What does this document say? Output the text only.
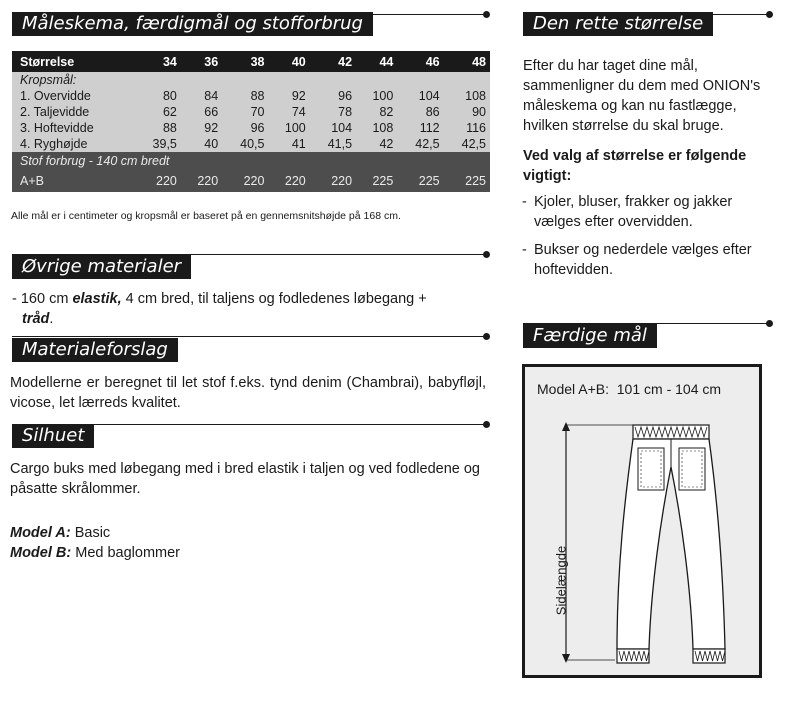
Måleskema, færdigmål og stofforbrug
Størrelse	34	36	38	40	42	44	46	48
Kropsmål:								
1. Overvidde	80	84	88	92	96	100	104	108
2. Taljevidde	62	66	70	74	78	82	86	90
3. Hoftevidde	88	92	96	100	104	108	112	116
4. Ryghøjde	39,5	40	40,5	41	41,5	42	42,5	42,5
Stof forbrug - 140 cm bredt								
A+B	220	220	220	220	220	225	225	225
Alle mål er i centimeter og kropsmål er baseret på en gennemsnitshøjde på 168 cm.
Øvrige materialer
- 160 cm elastik, 4 cm bred, til taljens og fodledenes løbegang +
tråd.
Materialeforslag
Modellerne er beregnet til let stof f.eks. tynd denim (Chambrai), babyfløjl, vicose, let lærreds kvalitet.
Silhuet
Cargo buks med løbegang med i bred elastik i taljen og ved fodledene og påsatte skrålommer.
Model A: Basic
Model B: Med baglommer
Den rette størrelse
Efter du har taget dine mål, sammenligner du dem med ONION's måleskema og kan nu fastlægge, hvilken størrelse du skal bruge.
Ved valg af størrelse er følgende vigtigt:
- Kjoler, bluser, frakker og jakker vælges efter overvidden.
- Bukser og nederdele vælges efter hoftevidden.
Færdige mål
Model A+B:  101 cm - 104 cm
Sidelængde
